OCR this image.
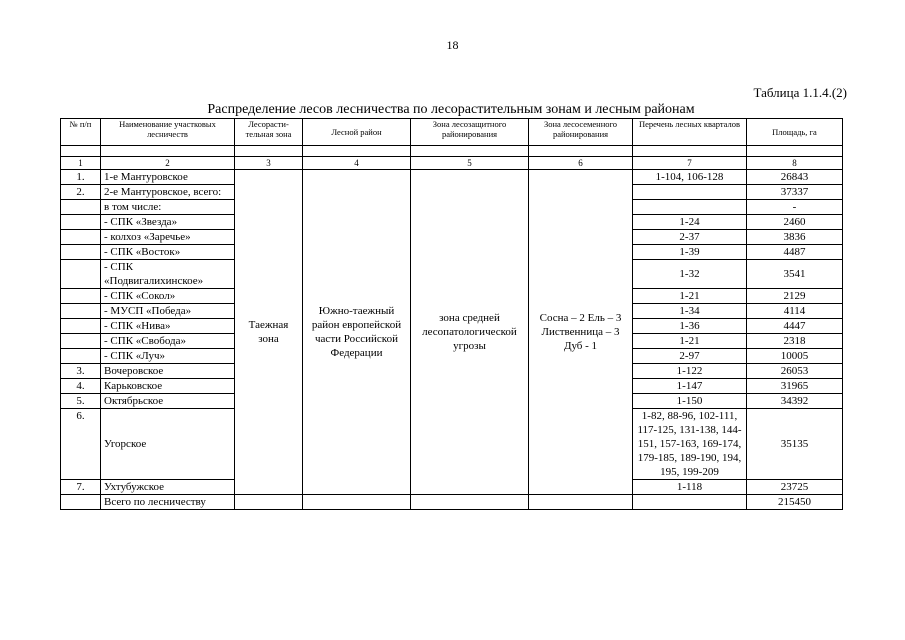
18
Таблица 1.1.4.(2)
Распределение лесов лесничества по лесорастительным зонам и лесным районам
№ п/п	Наименование участковых лесничеств	Лесорасти-тельная зона	Лесной район	Зона лесозащитного районирования	Зона лесосеменного районирования	Перечень лесных кварталов	Площадь, га

1	2	3	4	5	6	7	8
1.	1-е Мантуровское	Таежная зона	Южно-таежный район европейской части Российской Федерации	зона средней лесопатологической угрозы	Сосна – 2 Ель – 3 Лиственница – 3 Дуб - 1	1-104, 106-128	26843
2.	2-е Мантуровское, всего:						37337
	в том числе:						-
	- СПК «Звезда»					1-24	2460
	- колхоз «Заречье»					2-37	3836
	- СПК «Восток»					1-39	4487
	- СПК «Подвигалихинское»					1-32	3541
	- СПК «Сокол»					1-21	2129
	- МУСП «Победа»					1-34	4114
	- СПК «Нива»					1-36	4447
	- СПК «Свобода»					1-21	2318
	- СПК «Луч»					2-97	10005
3.	Вочеровское					1-122	26053
4.	Карьковское					1-147	31965
5.	Октябрьское					1-150	34392
6.	Угорское					1-82, 88-96, 102-111, 117-125, 131-138, 144-151, 157-163, 169-174, 179-185, 189-190, 194, 195, 199-209	35135
7.	Ухтубужское					1-118	23725
	Всего по лесничеству						215450
